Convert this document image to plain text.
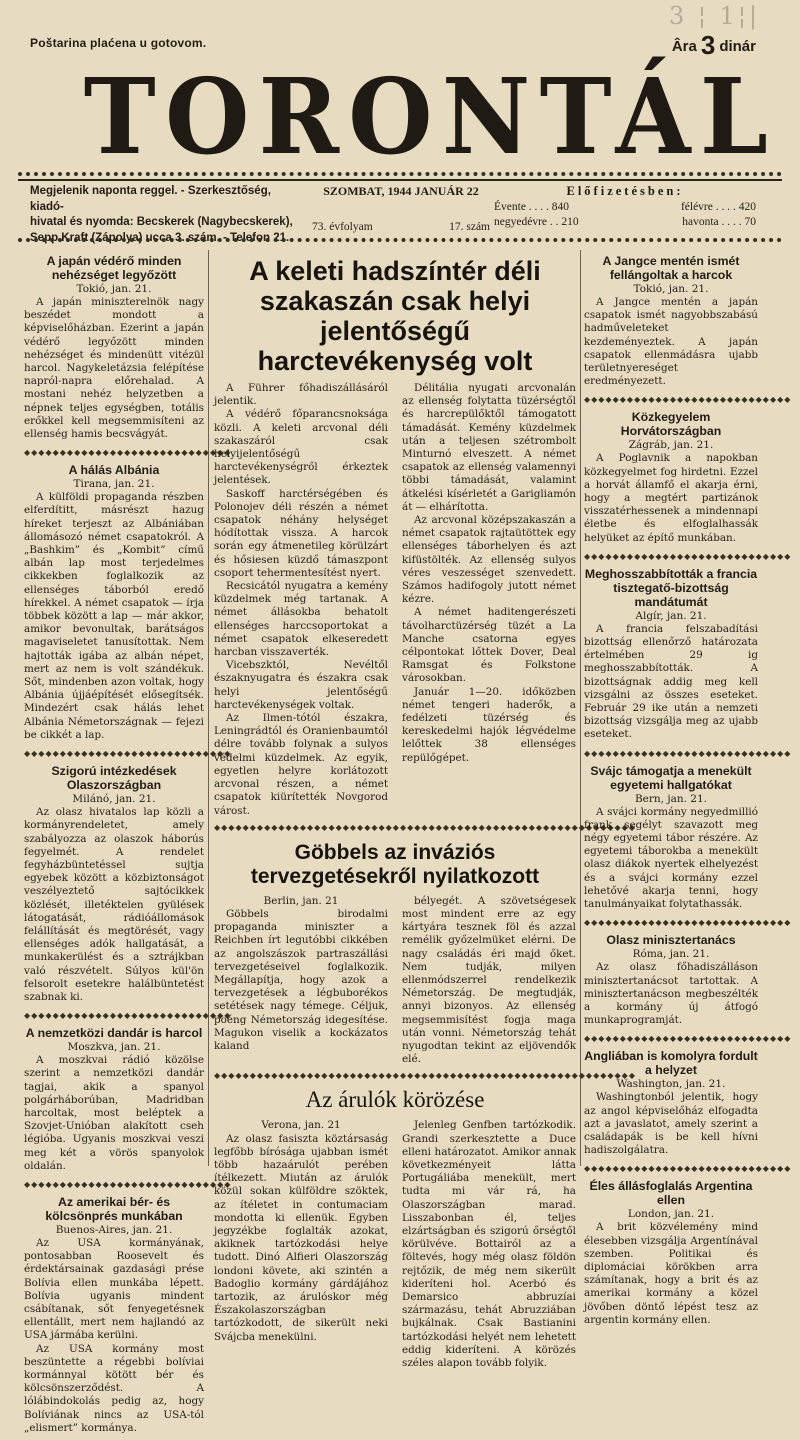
3 ¦ 1¦|
Poštarina plaćena u gotovom.	Âra 3 dinár
TORONTÁL
Megjelenik naponta reggel. - Szerkesztőség, kiadó-
hivatal és nyomda: Becskerek (Nagybecskerek),
Sepp Kraft (Zápolya) ucca 3. szám. - Telefon 21.
SZOMBAT, 1944 JANUÁR 22
73. évfolyam	17. szám
Előfizetésben:
Évente . . . . 840	félévre . . . . 420
negyedévre . . 210	havonta . . . . 70
A japán védérő minden nehézséget legyőzött
Tokió, jan. 21.

A japán miniszterelnök nagy beszédet mondott a képviselőházban. Ezerint a japán védérő legyőzött minden nehézséget és mindenütt vitézül harcol. Nagykeletázsia felépítése napról-napra előrehalad. A mostani nehéz helyzetben a népnek teljes egységben, totális erőkkel kell megsemmisíteni az ellenség hamis becsvágyát.

◆◆◆◆◆◆◆◆◆◆◆◆◆◆◆◆◆◆◆◆◆◆◆◆◆◆◆◆◆
A hálás Albánia
Tirana, jan. 21.

A külföldi propaganda részben elferdítitt, másrészt hazug híreket terjeszt az Albániában állomásozó német csapatokról. A „Bashkim” és „Kombit” című albán lap most terjedelmes cikkekben foglalkozik az ellenséges táborból eredő hírekkel. A német csapatok — írja többek között a lap — már akkor, amikor bevonultak, barátságos magaviseletet tanusítottak. Nem hajtották igába az albán népet, mert az nem is volt szándékuk. Sőt, mindenben azon voltak, hogy Albánia újjáépítését elősegítsék. Mindezért csak hálás lehet Albánia Németországnak — fejezi be cikkét a lap.

◆◆◆◆◆◆◆◆◆◆◆◆◆◆◆◆◆◆◆◆◆◆◆◆◆◆◆◆◆
Szigorú intézkedések Olaszországban
Milánó, jan. 21.

Az olasz hivatalos lap közli a kormányrendeletet, amely szabályozza az olaszok háborús fegyelmét. A rendelet fegyházbüntetéssel sujtja egyebek között a közbiztonságot veszélyeztető sajtócikkek közlését, illetéktelen gyülések látogatását, rádióállomások felállítását és megtörését, vagy ellenséges adók hallgatását, a munkakerülést és a sztrájkban való részvételt. Súlyos kül'ön felsorolt esetekre halálbüntetést szabnak ki.

◆◆◆◆◆◆◆◆◆◆◆◆◆◆◆◆◆◆◆◆◆◆◆◆◆◆◆◆◆
A nemzetközi dandár is harcol
Moszkva, jan. 21.

A moszkvai rádió közölse szerint a nemzetközi dandár tagjai, akik a spanyol polgárháborúban, Madridban harcoltak, most beléptek a Szovjet-Unióban alakított cseh légióba. Ugyanis moszkvai veszi meg két a vörös spanyolok oldalán.

◆◆◆◆◆◆◆◆◆◆◆◆◆◆◆◆◆◆◆◆◆◆◆◆◆◆◆◆◆
Az amerikai bér- és kölcsönprés munkában
Buenos-Aires, jan. 21.

Az USA kormányának, pontosabban Roosevelt és érdektársainak gazdasági prése Bolívia ellen munkába lépett. Bolívia ugyanis mindent csábítanak, sőt fenyegetésnek ellentállt, mert nem hajlandó az USA jármába kerülni.

Az USA kormány most beszüntette a régebbi bolíviai kormánnyal kötött bér és kölcsönszerződést. A lólábindokolás pedig az, hogy Bolíviának nincs az USA-tól „elismert” kormánya.

A keleti hadszíntér déli szakaszán csak helyi jelentőségű harctevékenység volt

A Führer főhadiszállásáról jelentik.

A védérő főparancsnoksága közli. A keleti arcvonal déli szakaszáról csak helyijelentőségű harctevékenységről érkeztek jelentések.

Saskoff harctérségében és Polonojev déli részén a német csapatok néhány helységet hódítottak vissza. A harcok során egy átmenetileg körülzárt és hősiesen küzdő támaszpont csoport tehermentesítést nyert.

Recsicától nyugatra a kemény küzdelmek még tartanak. A német állásokba behatolt ellenséges harccsoportokat a német csapatok elkeseredett harcban visszaverték.

Vicebszktól, Nevéltől északnyugatra és északra csak helyi jelentőségű harctevékenységek voltak.

Az Ilmen-tótól északra, Leningrádtól és Oranienbaumtól délre tovább folynak a sulyos védelmi küzdelmek. Az egyik, egyetlen helyre korlátozott arcvonal részen, a német csapatok kiürítették Novgorod várost.

Délitália nyugati arcvonalán az ellenség folytatta tüzérségtől és harcrepülőktől támogatott támadását. Kemény küzdelmek után a teljesen szétrombolt Minturnó elveszett. A német csapatok az ellenség valamennyi többi támadását, valamint átkelési kísérletét a Garigliamón át — elhárította.

Az arcvonal középszakaszán a német csapatok rajtaütöttek egy ellenséges táborhelyen és azt kifüstölték. Az ellenség sulyos véres veszességet szenvedett. Számos hadifogoly jutott német kézre.

A német haditengerészeti távolharctüzérség tüzét a La Manche csatorna egyes célpontokat lőttek Dover, Deal Ramsgat és Folkstone városokban.

Január 1—20. időközben német tengeri haderők, a fedélzeti tüzérség és kereskedelmi hajók légvédelme lelőttek 38 ellenséges repülőgépet.

◆◆◆◆◆◆◆◆◆◆◆◆◆◆◆◆◆◆◆◆◆◆◆◆◆◆◆◆◆◆◆◆◆◆◆◆◆◆◆◆◆◆◆◆◆◆◆◆◆◆◆◆◆◆◆◆◆◆◆
Göbbels az inváziós tervezgetésekről nyilatkozott

Berlin, jan. 21

Göbbels birodalmi propaganda miniszter a Reichben írt legutóbbi cikkében az angolszászok partraszállási tervezgetéseivel foglalkozik. Megállapítja, hogy azok a tervezgetések a légbuborékos setétések nagy témege. Céljuk, poéng Németország idegesítése. Magukon viselik a kockázatos kaland

bélyegét. A szövetségesek most mindent erre az egy kártyára tesznek föl és azzal remélik győzelmüket elérni. De nagy családás éri majd őket. Nem tudják, milyen ellenmódszerrel rendelkezik Németország. De megtudják, annyi bizonyos. Az ellenség megsemmisítést fogja maga után vonni. Németország tehát nyugodtan tekint az eljövendők elé.

◆◆◆◆◆◆◆◆◆◆◆◆◆◆◆◆◆◆◆◆◆◆◆◆◆◆◆◆◆◆◆◆◆◆◆◆◆◆◆◆◆◆◆◆◆◆◆◆◆◆◆◆◆◆◆◆◆◆◆
Az árulók körözése

Verona, jan. 21

Az olasz fasiszta köztársaság legfőbb bírósága ujabban ismét több hazaárulót perében ítélkezett. Miután az árulók közül sokan külföldre szöktek, az ítéletet in contumaciam mondotta ki ellenük. Egyben jegyzékbe foglalták azokat, akiknek tartózkodási helye tudott. Dinó Alfieri Olaszország londoni követe, aki szintén a Badoglio kormány gárdájához tartozik, az árulóskor még Északolaszországban tartózkodott, de sikerült neki Svájcba menekülni.

Jelenleg Genfben tartózkodik. Grandi szerkesztette a Duce elleni határozatot. Amikor annak következményeit látta Portugáliába menekült, mert tudta mi vár rá, ha Olaszországban marad. Lisszabonban él, teljes elzártságban és szigorú őrségtől körülvéve. Bottairól az a föltevés, hogy még olasz földön rejtőzik, de még nem sikerült kideríteni hol. Acerbó és Demarsico abbruzíai származásu, tehát Abruzziában bujkálnak. Csak Bastianini tartózkodási helyét nem lehetett eddig kideríteni. A körözés széles alapon tovább folyik.

A Jangce mentén ismét fellángoltak a harcok
Tokió, jan. 21.

A Jangce mentén a japán csapatok ismét nagyobbszabású hadműveleteket kezdeményeztek. A japán csapatok ellenmádásra ujabb területnyereséget eredményezett.

◆◆◆◆◆◆◆◆◆◆◆◆◆◆◆◆◆◆◆◆◆◆◆◆◆◆◆◆◆
Közkegyelem Horvátországban
Zágráb, jan. 21.

A Poglavnik a napokban közkegyelmet fog hirdetni. Ezzel a horvát államfő el akarja érni, hogy a megtért partizánok visszatérhessenek a mindennapi életbe és elfoglalhassák helyüket az építő munkában.

◆◆◆◆◆◆◆◆◆◆◆◆◆◆◆◆◆◆◆◆◆◆◆◆◆◆◆◆◆
Meghosszabbították a francia tisztegatő-bizottság mandátumát
Algír, jan. 21.

A francia felszabadítási bizottság ellenőrző határozata értelmében 29 ig meghosszabbították. A bizottságnak addig meg kell vizsgálni az összes eseteket. Február 29 ike után a nemzeti bizottság vizsgálja meg az ujabb eseteket.

◆◆◆◆◆◆◆◆◆◆◆◆◆◆◆◆◆◆◆◆◆◆◆◆◆◆◆◆◆
Svájc támogatja a menekült egyetemi hallgatókat
Bern, jan. 21.

A svájci kormány negyedmillió frank segélyt szavazott meg négy egyetemi tábor részére. Az egyetemi táborokba a menekült olasz diákok nyertek elhelyezést és a svájci kormány ezzel lehetővé akarja tenni, hogy tanulmányaikat folytathassák.

◆◆◆◆◆◆◆◆◆◆◆◆◆◆◆◆◆◆◆◆◆◆◆◆◆◆◆◆◆
Olasz minisztertanács
Róma, jan. 21.

Az olasz főhadiszálláson minisztertanácsot tartottak. A minisztertanácson megbeszélték a kormány új átfogó munkaprogramját.

◆◆◆◆◆◆◆◆◆◆◆◆◆◆◆◆◆◆◆◆◆◆◆◆◆◆◆◆◆
Angliában is komolyra fordult a helyzet
Washington, jan. 21.

Washingtonból jelentik, hogy az angol képviselőház elfogadta azt a javaslatot, amely szerint a családapák is be kell hívni hadiszolgálatra.

◆◆◆◆◆◆◆◆◆◆◆◆◆◆◆◆◆◆◆◆◆◆◆◆◆◆◆◆◆
Éles állásfoglalás Argentina ellen
London, jan. 21.

A brit közvélemény mind élesebben vizsgálja Argentínával szemben. Politikai és diplomáciai körökben arra számítanak, hogy a brit és az amerikai kormány a közel jövőben döntő lépést tesz az argentin kormány ellen.
